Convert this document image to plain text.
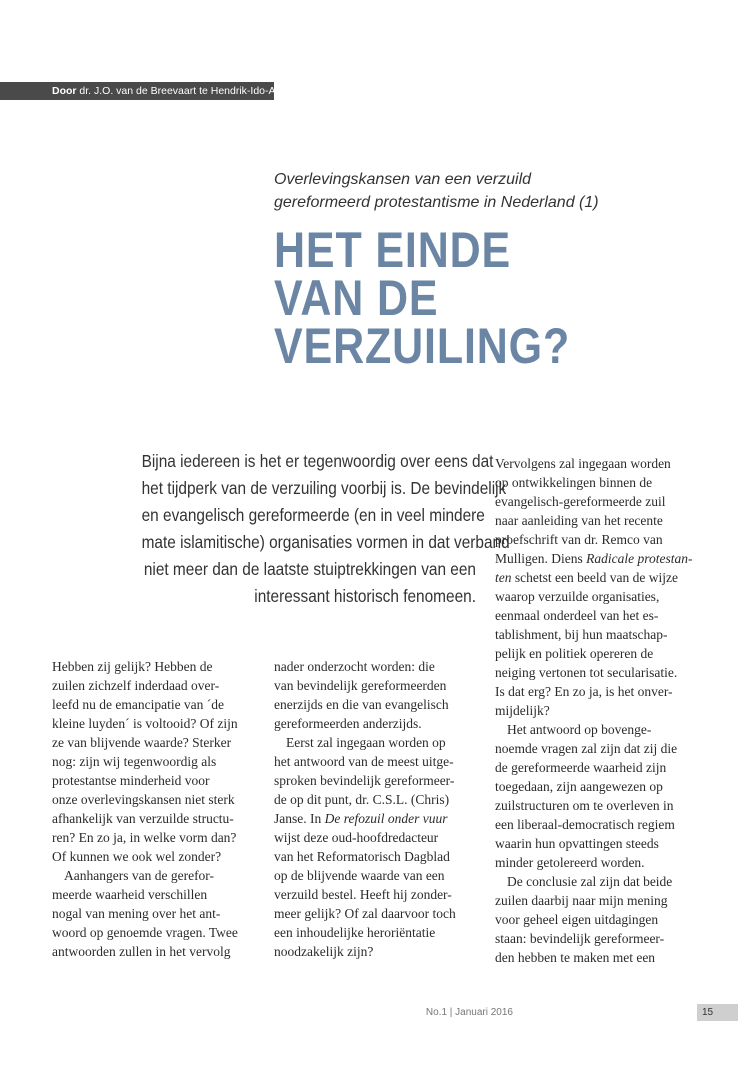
Door dr. J.O. van de Breevaart te Hendrik-Ido-Ambacht
Overlevingskansen van een verzuild
gereformeerd protestantisme in Nederland (1)
HET EINDE
VAN DE
VERZUILING?
Bijna iedereen is het er tegenwoordig over eens dat
het tijdperk van de verzuiling voorbij is. De bevindelijk
en evangelisch gereformeerde (en in veel mindere
mate islamitische) organisaties vormen in dat verband
niet meer dan de laatste stuiptrekkingen van een
interessant historisch fenomeen.
Hebben zij gelijk? Hebben de
zuilen zichzelf inderdaad over-
leefd nu de emancipatie van ´de
kleine luyden´ is voltooid? Of zijn
ze van blijvende waarde? Sterker
nog: zijn wij tegenwoordig als
protestantse minderheid voor
onze overlevingskansen niet sterk
afhankelijk van verzuilde structu-
ren? En zo ja, in welke vorm dan?
Of kunnen we ook wel zonder?
Aanhangers van de gerefor-
meerde waarheid verschillen
nogal van mening over het ant-
woord op genoemde vragen. Twee
antwoorden zullen in het vervolg
nader onderzocht worden: die
van bevindelijk gereformeerden
enerzijds en die van evangelisch
gereformeerden anderzijds.
Eerst zal ingegaan worden op
het antwoord van de meest uitge-
sproken bevindelijk gereformeer-
de op dit punt, dr. C.S.L. (Chris)
Janse. In De refozuil onder vuur
wijst deze oud-hoofdredacteur
van het Reformatorisch Dagblad
op de blijvende waarde van een
verzuild bestel. Heeft hij zonder-
meer gelijk? Of zal daarvoor toch
een inhoudelijke heroriëntatie
noodzakelijk zijn?
Vervolgens zal ingegaan worden
op ontwikkelingen binnen de
evangelisch-gereformeerde zuil
naar aanleiding van het recente
proefschrift van dr. Remco van
Mulligen. Diens Radicale protestan-
ten schetst een beeld van de wijze
waarop verzuilde organisaties,
eenmaal onderdeel van het es-
tablishment, bij hun maatschap-
pelijk en politiek opereren de
neiging vertonen tot secularisatie.
Is dat erg? En zo ja, is het onver-
mijdelijk?
Het antwoord op bovenge-
noemde vragen zal zijn dat zij die
de gereformeerde waarheid zijn
toegedaan, zijn aangewezen op
zuilstructuren om te overleven in
een liberaal-democratisch regiem
waarin hun opvattingen steeds
minder getolereerd worden.
De conclusie zal zijn dat beide
zuilen daarbij naar mijn mening
voor geheel eigen uitdagingen
staan: bevindelijk gereformeer-
den hebben te maken met een
No.1 | Januari 2016	15
